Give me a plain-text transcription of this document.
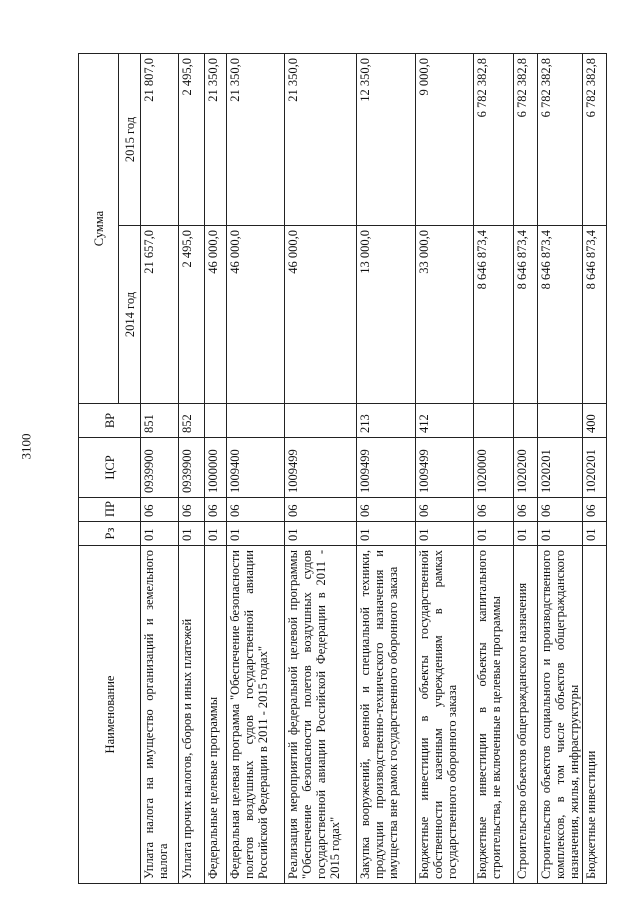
3100
Наименование	Рз	ПР	ЦСР	ВР	Сумма	
					2014 год	2015 год
Уплата налога на имущество организаций и земельного налога	01	06	0939900	851	21 657,0	21 807,0
Уплата прочих налогов, сборов и иных платежей	01	06	0939900	852	2 495,0	2 495,0
Федеральные целевые программы	01	06	1000000		46 000,0	21 350,0
Федеральная целевая программа "Обеспечение безопасности полетов воздушных судов государственной авиации Российской Федерации в 2011 - 2015 годах"	01	06	1009400		46 000,0	21 350,0
Реализация мероприятий федеральной целевой программы "Обеспечение безопасности полетов воздушных судов государственной авиации Российской Федерации в 2011 - 2015 годах"	01	06	1009499		46 000,0	21 350,0
Закупка вооружений, военной и специальной техники, продукции производственно-технического назначения и имущества вне рамок государственного оборонного заказа	01	06	1009499	213	13 000,0	12 350,0
Бюджетные инвестиции в объекты государственной собственности казенным учреждениям в рамках государственного оборонного заказа	01	06	1009499	412	33 000,0	9 000,0
Бюджетные инвестиции в объекты капитального строительства, не включенные в целевые программы	01	06	1020000		8 646 873,4	6 782 382,8
Строительство объектов общегражданского назначения	01	06	1020200		8 646 873,4	6 782 382,8
Строительство объектов социального и производственного комплексов, в том числе объектов общегражданского назначения, жилья, инфраструктуры	01	06	1020201		8 646 873,4	6 782 382,8
Бюджетные инвестиции	01	06	1020201	400	8 646 873,4	6 782 382,8
